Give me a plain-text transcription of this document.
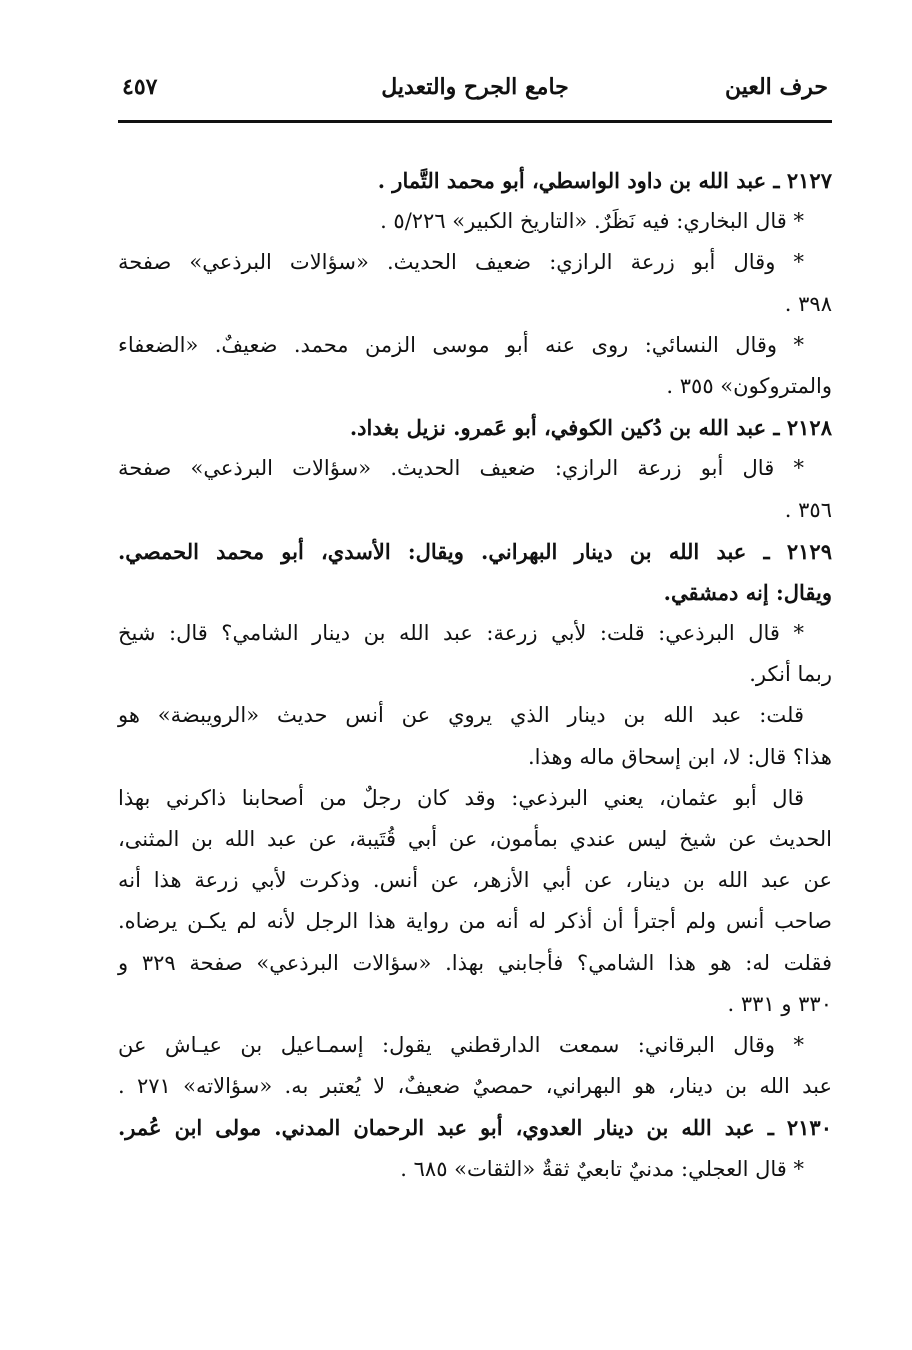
حرف العين
جامع الجرح والتعديل
٤٥٧
٢١٢٧ ـ عبد الله بن داود الواسطي، أبو محمد التَّمار .
* قال البخاري: فيه نَظَرٌ. «التاريخ الكبير» ٥/٢٢٦ .
* وقال أبو زرعة الرازي: ضعيف الحديث. «سؤالات البرذعي» صفحة
٣٩٨ .
* وقال النسائي: روى عنه أبو موسى الزمن محمد. ضعيفٌ. «الضعفاء
والمتروكون» ٣٥٥ .
٢١٢٨ ـ عبد الله بن دُكين الكوفي، أبو عَمرو. نزيل بغداد.
* قال أبو زرعة الرازي: ضعيف الحديث. «سؤالات البرذعي» صفحة
٣٥٦ .
٢١٢٩ ـ عبد الله بن دينار البهراني. ويقال: الأسدي، أبو محمد الحمصي.
ويقال: إنه دمشقي.
* قال البرذعي: قلت: لأبي زرعة: عبد الله بن دينار الشامي؟ قال: شيخ
ربما أنكر.
قلت: عبد الله بن دينار الذي يروي عن أنس حديث «الرويبضة» هو
هذا؟ قال: لا، ابن إسحاق ماله وهذا.
قال أبو عثمان، يعني البرذعي: وقد كان رجلٌ من أصحابنا ذاكرني بهذا
الحديث عن شيخ ليس عندي بمأمون، عن أبي قُتَيبة، عن عبد الله بن المثنى،
عن عبد الله بن دينار، عن أبي الأزهر، عن أنس. وذكرت لأبي زرعة هذا أنه
صاحب أنس ولم أجترأ أن أذكر له أنه من رواية هذا الرجل لأنه لم يكـن يرضاه.
فقلت له: هو هذا الشامي؟ فأجابني بهذا. «سؤالات البرذعي» صفحة ٣٢٩ و
٣٣٠ و ٣٣١ .
* وقال البرقاني: سمعت الدارقطني يقول: إسمـاعيل بن عيـاش عن
عبد الله بن دينار، هو البهراني، حمصيٌ ضعيفٌ، لا يُعتبر به. «سؤالاته» ٢٧١ .
٢١٣٠ ـ عبد الله بن دينار العدوي، أبو عبد الرحمان المدني. مولى ابن عُمر.
* قال العجلي: مدنيٌ تابعيٌ ثقةٌ «الثقات» ٦٨٥ .
